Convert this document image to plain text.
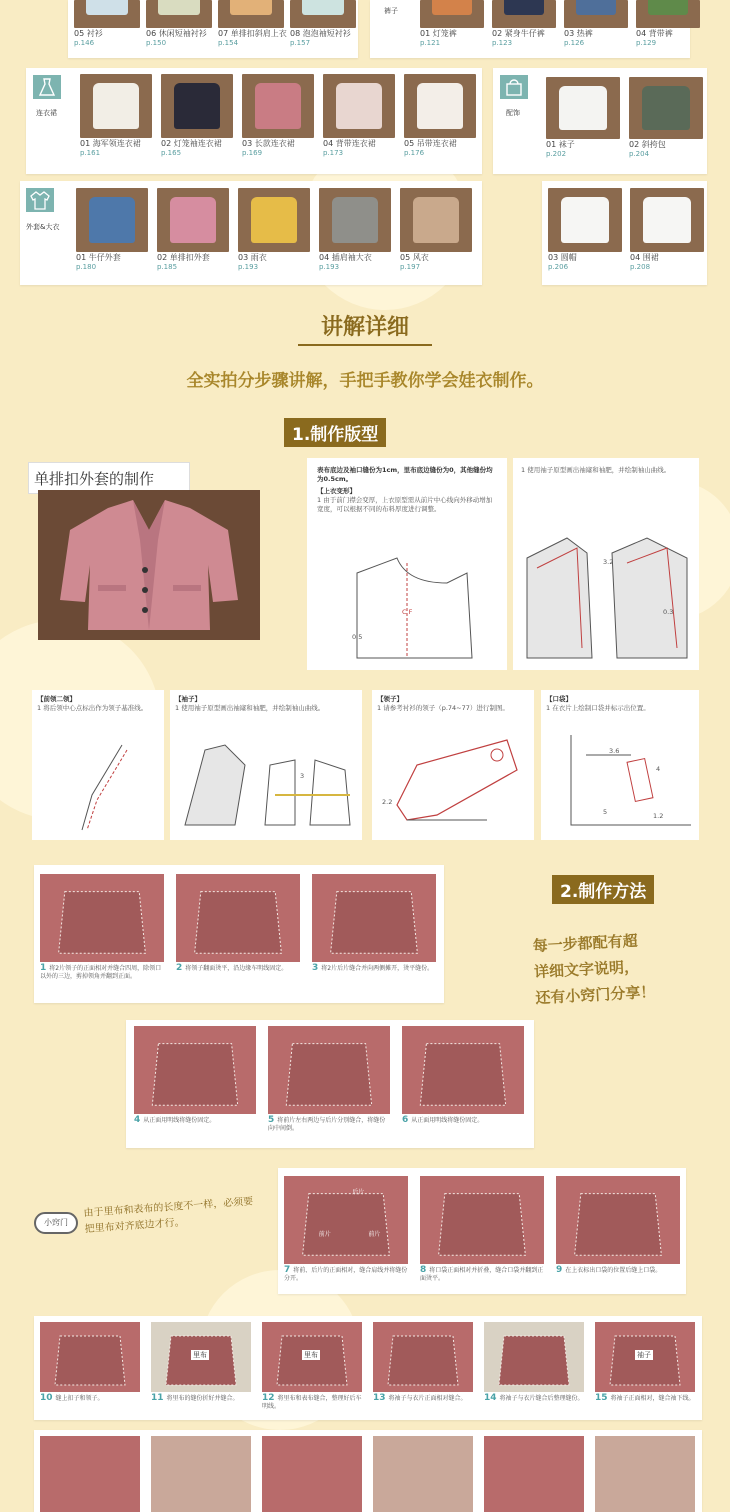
裤子
05 衬衫
p.146
06 休闲短袖衬衫
p.150
07 单排扣斜肩上衣
p.154
08 泡泡袖短衬衫
p.157
01 灯笼裤
p.121
02 紧身牛仔裤
p.123
03 热裤
p.126
04 背带裤
p.129
连衣裙
01 海军领连衣裙
p.161
02 灯笼袖连衣裙
p.165
03 长款连衣裙
p.169
04 背带连衣裙
p.173
05 吊带连衣裙
p.176
配饰
01 袜子
p.202
02 斜挎包
p.204
外套&大衣
01 牛仔外套
p.180
02 单排扣外套
p.185
03 雨衣
p.193
04 插肩袖大衣
p.193
05 风衣
p.197
03 圆帽
p.206
04 围裙
p.208
讲解详细
全实拍分步骤讲解，手把手教你学会娃衣制作。
1.制作版型
单排扣外套的制作	表布底边及袖口缝份为1cm，里布底边缝份为0，其他缝份均为0.5cm。
【上衣变形】
1 由于前门襟会变厚，上衣原型需从前片中心线向外移动增加宽度，可以根据不同的布料厚度进行调整。
C F
0.5
1 使用袖子原型画出袖窿和袖肥，并绘制袖山曲线。
3.2
0.3
【前领二领】
1 将后领中心点标出作为领子基准线。
【袖子】
1 使用袖子原型画出袖窿和袖肥，并绘制袖山曲线。
3
【领子】
1 请参考衬衫的领子（p.74~77）进行制图。
2.2
【口袋】
1 在衣片上绘制口袋并标示出位置。
3.6
4
5	1.2
1 将2片领子的正面相对并缝合四周，除领口以外的三边，剪掉领角并翻到正面。
2 将领子翻面烫平，沿边缘车明线固定。	3 将2片后片缝合并向两侧摊开，烫平缝份。
2.制作方法
每一步都配有超
详细文字说明，
还有小窍门分享！
4 从正面用明线将缝份固定。	5 将前片左右两边与后片分别缝合，将缝份向中间倒。
6 从正面用明线将缝份固定。
小窍门
由于里布和表布的长度不一样，必须要把里布对齐底边才行。
后片
前片	前片
7 将前、后片的正面相对，缝合肩线并将缝份分开。
8 将口袋正面相对并折叠，缝合口袋并翻到正面烫平。
9 在上衣标出口袋的位置后缝上口袋。
10 缝上扣子和领子。
里布
11 将里布的缝份折好并缝合。
里布
12 将里布和表布缝合，整理好后车明线。
13 将袖子与衣片正面相对缝合。	14 将袖子与衣片缝合后整理缝份。
袖子
15 将袖子正面相对，缝合袖下线。
